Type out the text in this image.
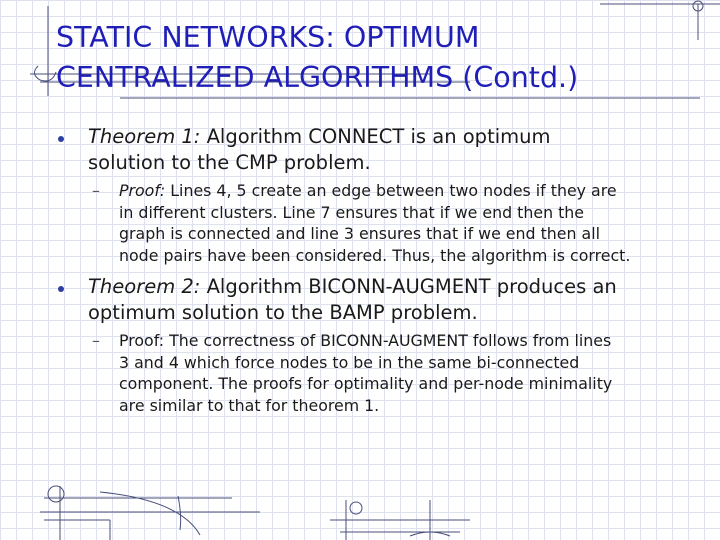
STATIC NETWORKS: OPTIMUM
CENTRALIZED ALGORITHMS (Contd.)
Theorem 1: Algorithm CONNECT is an optimum
solution to the CMP problem.
– Proof: Lines 4, 5 create an edge between two nodes if they are
in different clusters. Line 7 ensures that if we end then the
graph is connected and line 3 ensures that if we end then all
node pairs have been considered. Thus, the algorithm is correct.
Theorem 2: Algorithm BICONN-AUGMENT produces an
optimum solution to the BAMP problem.
– Proof: The correctness of BICONN-AUGMENT follows from lines
3 and 4 which force nodes to be in the same bi-connected
component. The proofs for optimality and per-node minimality
are similar to that for theorem 1.
